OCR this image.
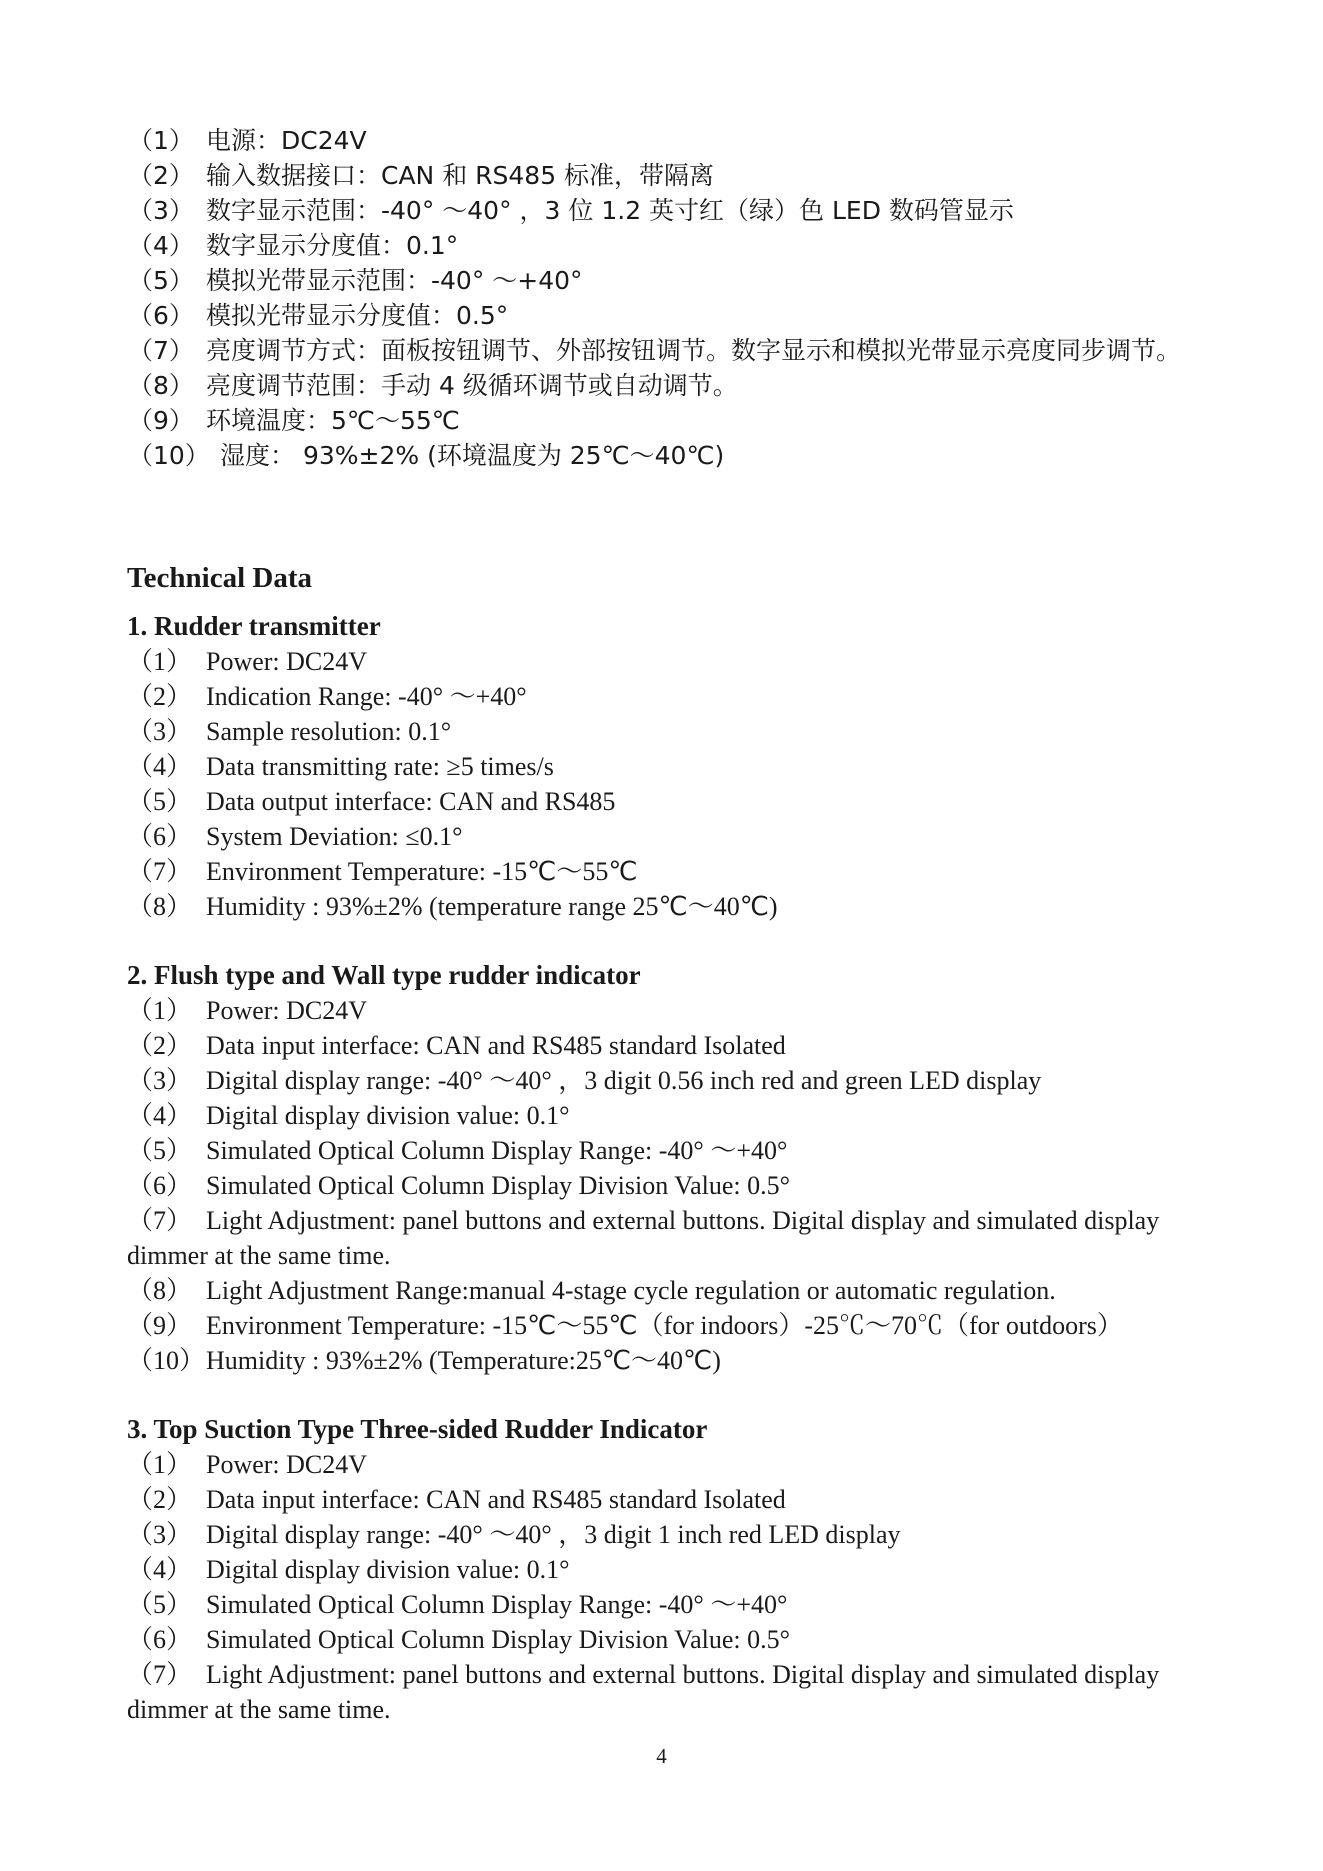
（1） 电源：DC24V
（2） 输入数据接口：CAN 和 RS485 标准，带隔离
（3） 数字显示范围：-40° ～40° ，3 位 1.2 英寸红（绿）色 LED 数码管显示
（4） 数字显示分度值：0.1°
（5） 模拟光带显示范围：-40° ～+40°
（6） 模拟光带显示分度值：0.5°
（7） 亮度调节方式：面板按钮调节、外部按钮调节。数字显示和模拟光带显示亮度同步调节。
（8） 亮度调节范围：手动 4 级循环调节或自动调节。
（9） 环境温度：5℃～55℃
（10） 湿度： 93%±2% (环境温度为 25℃～40℃)
Technical Data
1. Rudder transmitter
（1） Power: DC24V
（2） Indication Range: -40° ～+40°
（3） Sample resolution: 0.1°
（4） Data transmitting rate: ≥5 times/s
（5） Data output interface: CAN and RS485
（6） System Deviation: ≤0.1°
（7） Environment Temperature: -15℃～55℃
（8） Humidity : 93%±2% (temperature range 25℃～40℃)
2. Flush type and Wall type rudder indicator
（1） Power: DC24V
（2） Data input interface: CAN and RS485 standard Isolated
（3） Digital display range: -40° ～40° ，3 digit 0.56 inch red and green LED display
（4） Digital display division value: 0.1°
（5） Simulated Optical Column Display Range: -40° ～+40°
（6） Simulated Optical Column Display Division Value: 0.5°
（7） Light Adjustment: panel buttons and external buttons. Digital display and simulated display dimmer at the same time.
（8） Light Adjustment Range:manual 4-stage cycle regulation or automatic regulation.
（9） Environment Temperature: -15℃～55℃（for indoors）-25℃～70℃（for outdoors）
（10）Humidity : 93%±2% (Temperature:25℃～40℃)
3. Top Suction Type Three-sided Rudder Indicator
（1） Power: DC24V
（2） Data input interface: CAN and RS485 standard Isolated
（3） Digital display range: -40° ～40° ，3 digit 1 inch red LED display
（4） Digital display division value: 0.1°
（5） Simulated Optical Column Display Range: -40° ～+40°
（6） Simulated Optical Column Display Division Value: 0.5°
（7） Light Adjustment: panel buttons and external buttons. Digital display and simulated display dimmer at the same time.
4
